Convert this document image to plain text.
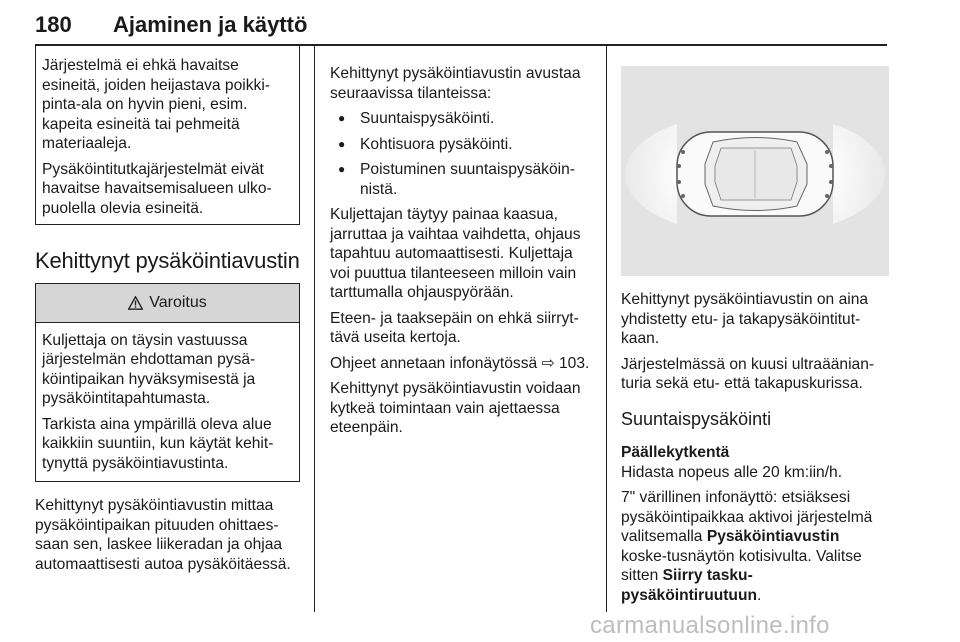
180 Ajaminen ja käyttö

Järjestelmä ei ehkä havaitse esineitä, joiden heijastava poikki-pinta-ala on hyvin pieni, esim. kapeita esineitä tai pehmeitä materiaaleja.

Pysäköintitutkajärjestelmät eivät havaitse havaitsemisalueen ulko-puolella olevia esineitä.

Kehittynyt pysäköintiavustin
Varoitus

Kuljettaja on täysin vastuussa järjestelmän ehdottaman pysä-köintipaikan hyväksymisestä ja pysäköintitapahtumasta.

Tarkista aina ympärillä oleva alue kaikkiin suuntiin, kun käytät kehit-tynyttä pysäköintiavustinta.

Kehittynyt pysäköintiavustin mittaa pysäköintipaikan pituuden ohittaes-saan sen, laskee liikeradan ja ohjaa automaattisesti autoa pysäköitäessä.

Kehittynyt pysäköintiavustin avustaa seuraavissa tilanteissa:

● Suuntaispysäköinti.
● Kohtisuora pysäköinti.
● Poistuminen suuntaispysäköin-nistä.

Kuljettajan täytyy painaa kaasua, jarruttaa ja vaihtaa vaihdetta, ohjaus tapahtuu automaattisesti. Kuljettaja voi puuttua tilanteeseen milloin vain tarttumalla ohjauspyörään.

Eteen- ja taaksepäin on ehkä siirryt-tävä useita kertoja.

Ohjeet annetaan infonäytössä ⇨ 103.

Kehittynyt pysäköintiavustin voidaan kytkeä toimintaan vain ajettaessa eteenpäin.

Kehittynyt pysäköintiavustin on aina yhdistetty etu- ja takapysäköintitut-kaan.

Järjestelmässä on kuusi ultraäänian-turia sekä etu- että takapuskurissa.

Suuntaispysäköinti

Päällekytkentä

Hidasta nopeus alle 20 km:iin/h.

7" värillinen infonäyttö: etsiäksesi pysäköintipaikkaa aktivoi järjestelmä valitsemalla Pysäköintiavustin koske-tusnäytön kotisivulta. Valitse sitten Siirry tasku- pysäköintiruutuun.

carmanualsonline.info
